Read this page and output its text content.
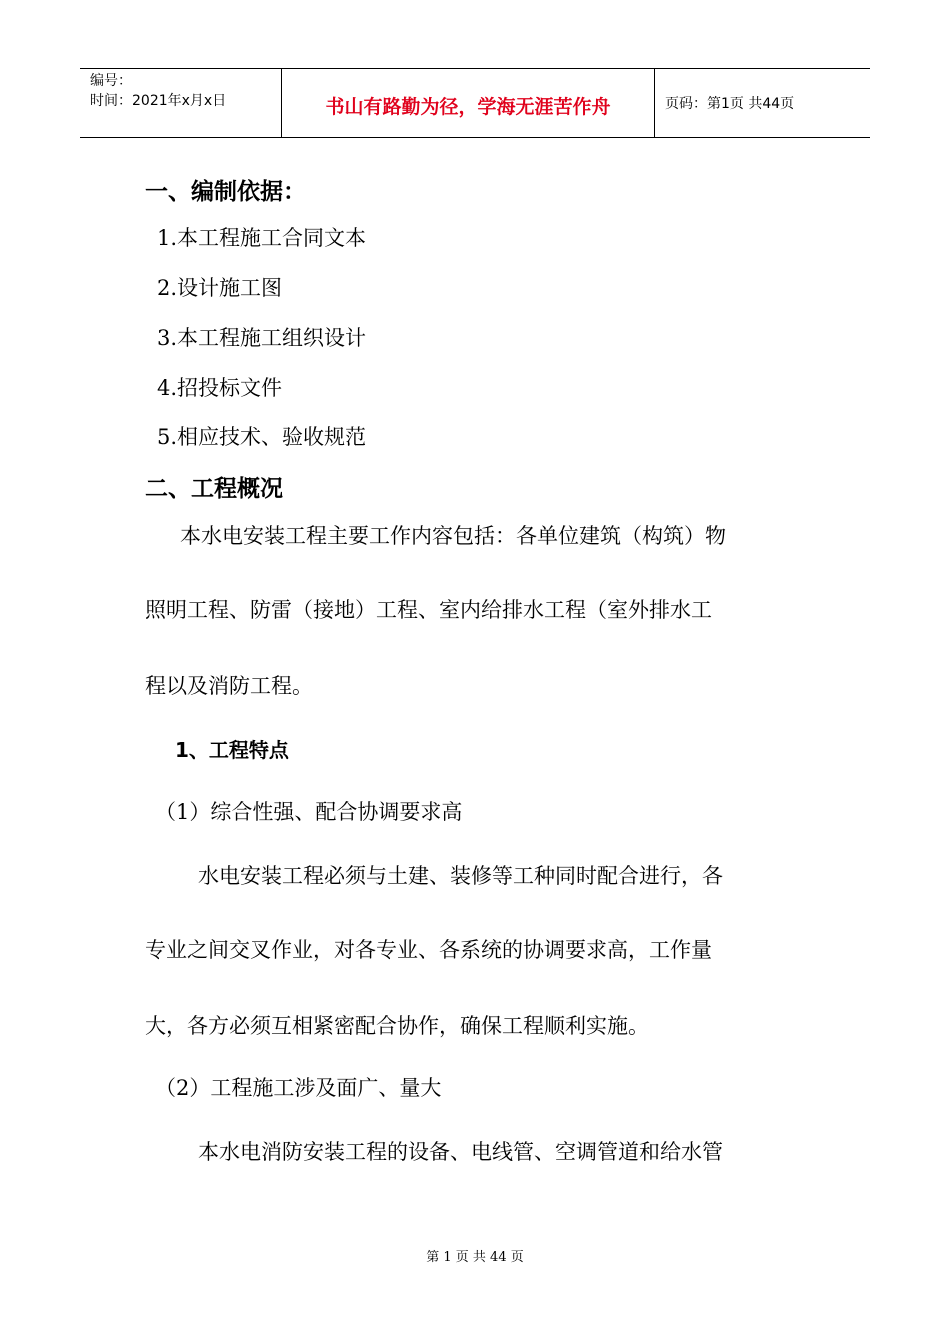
编号：
时间：2021年x月x日	书山有路勤为径，学海无涯苦作舟	页码：第1页 共44页
一、编制依据：
1.本工程施工合同文本
2.设计施工图
3.本工程施工组织设计
4.招投标文件
5.相应技术、验收规范
二、工程概况
本水电安装工程主要工作内容包括：各单位建筑（构筑）物
照明工程、防雷（接地）工程、室内给排水工程（室外排水工
程以及消防工程。
1、工程特点
（1）综合性强、配合协调要求高
水电安装工程必须与土建、装修等工种同时配合进行，各
专业之间交叉作业，对各专业、各系统的协调要求高，工作量
大，各方必须互相紧密配合协作，确保工程顺利实施。
（2）工程施工涉及面广、量大
本水电消防安装工程的设备、电线管、空调管道和给水管
第 1 页 共 44 页
